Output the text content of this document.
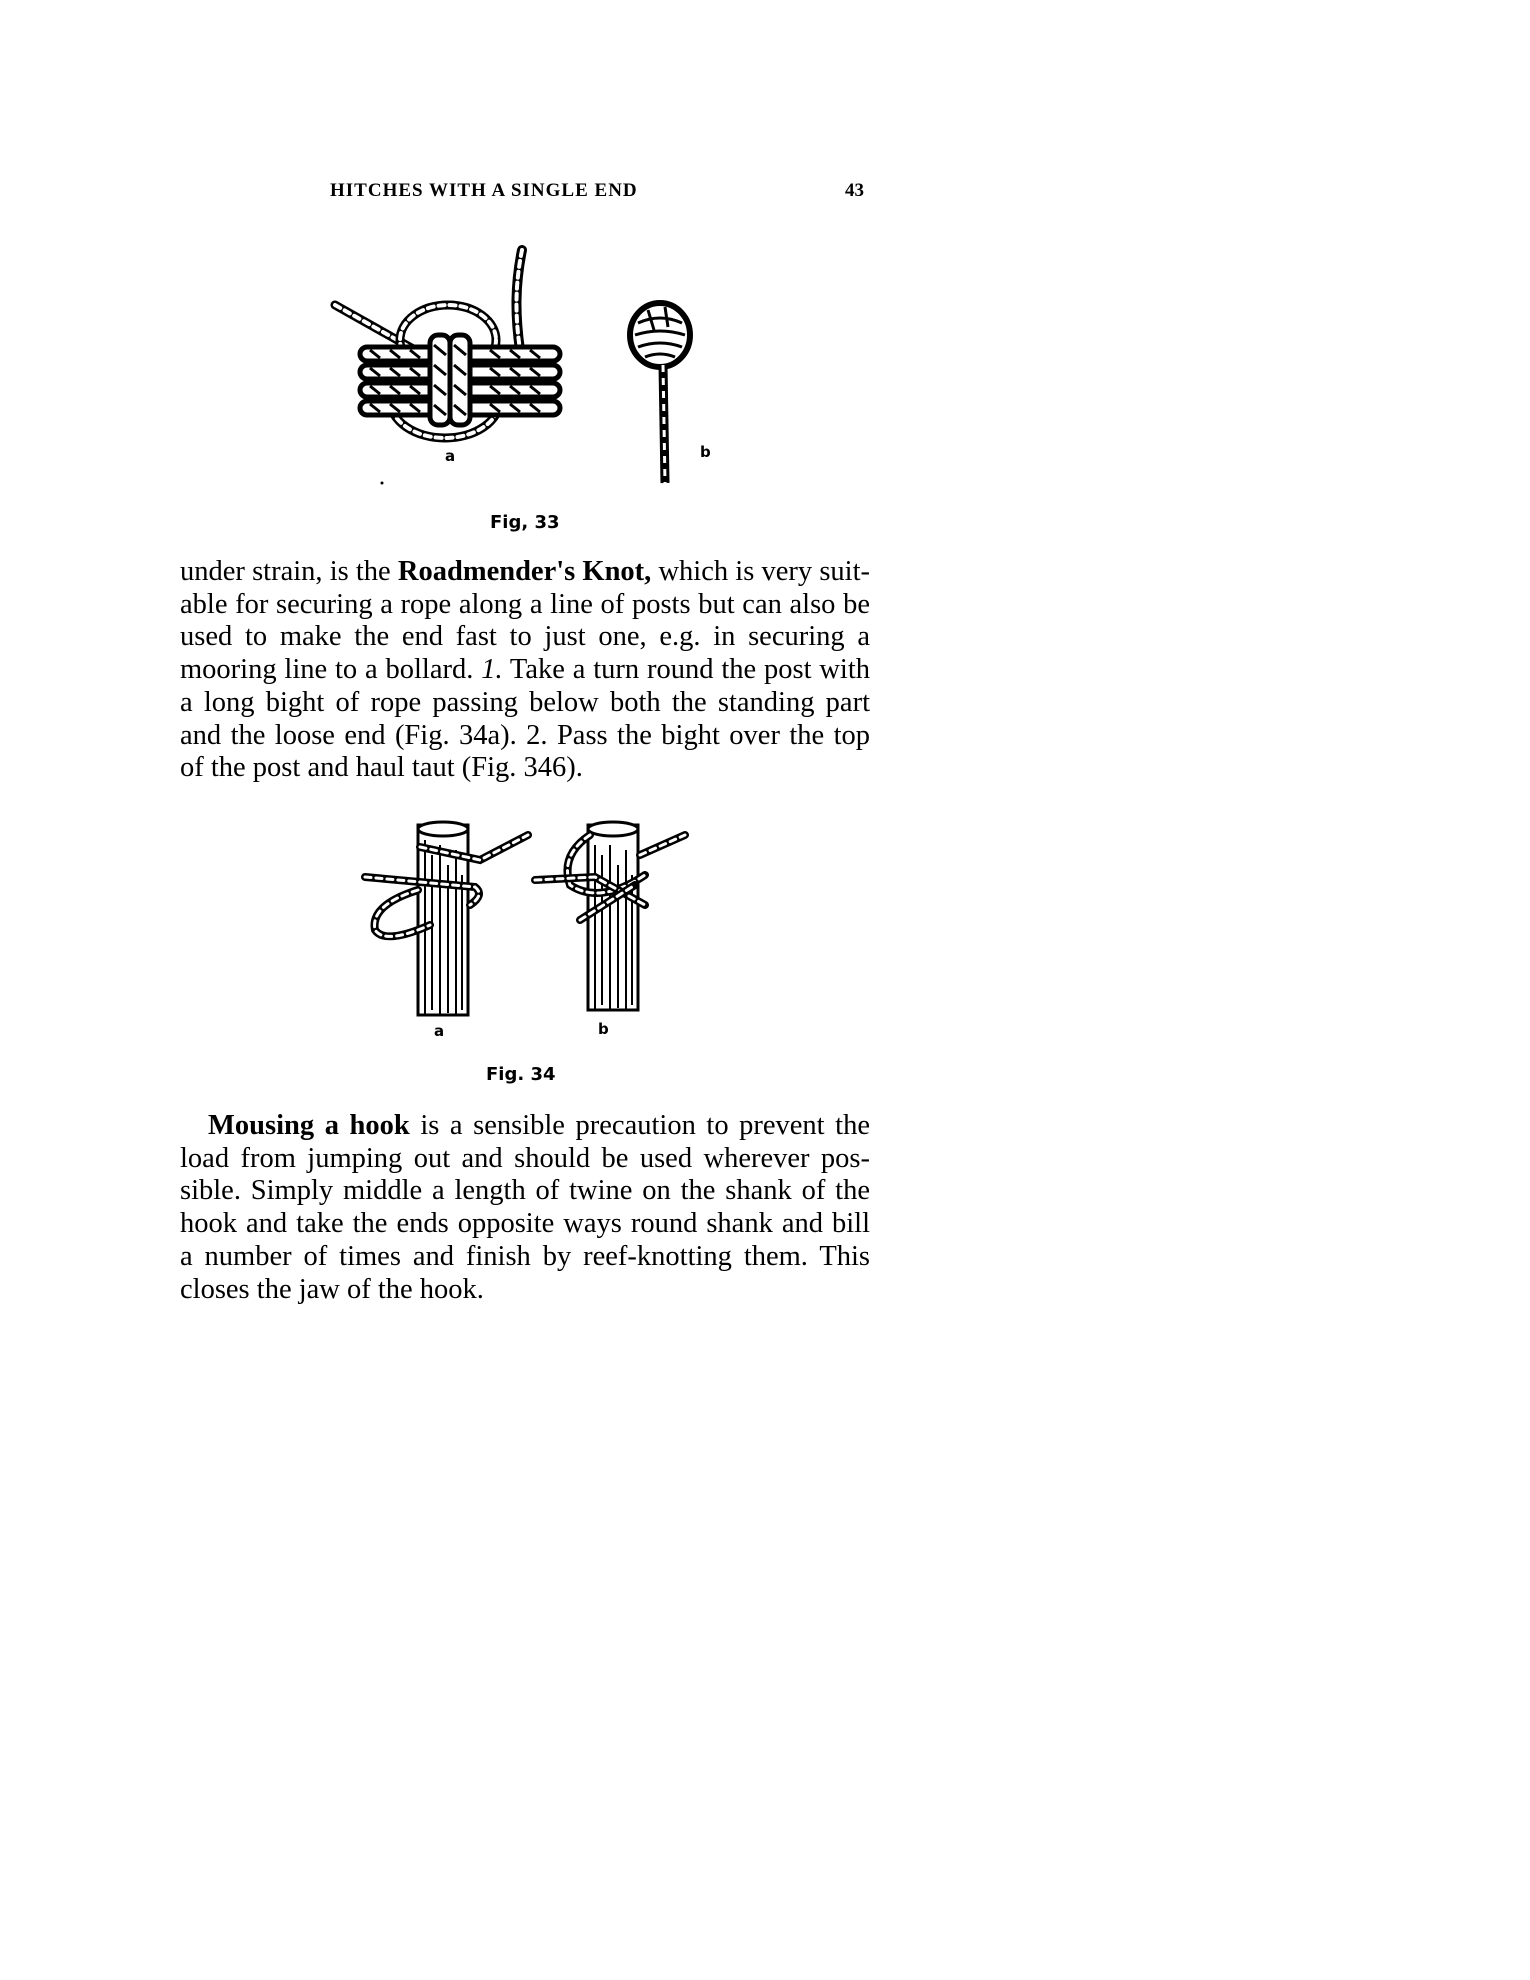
HITCHES WITH A SINGLE END	43
a	b
Fig, 33
under strain, is the Roadmender's Knot, which is very suitable for securing a rope along a line of posts but can also be used to make the end fast to just one, e.g. in securing a mooring line to a bollard. 1. Take a turn round the post with a long bight of rope passing below both the standing part and the loose end (Fig. 34a). 2. Pass the bight over the top of the post and haul taut (Fig. 346).
a	b
Fig. 34
Mousing a hook is a sensible precaution to prevent the load from jumping out and should be used wherever possible. Simply middle a length of twine on the shank of the hook and take the ends opposite ways round shank and bill a number of times and finish by reef-knotting them. This closes the jaw of the hook.
